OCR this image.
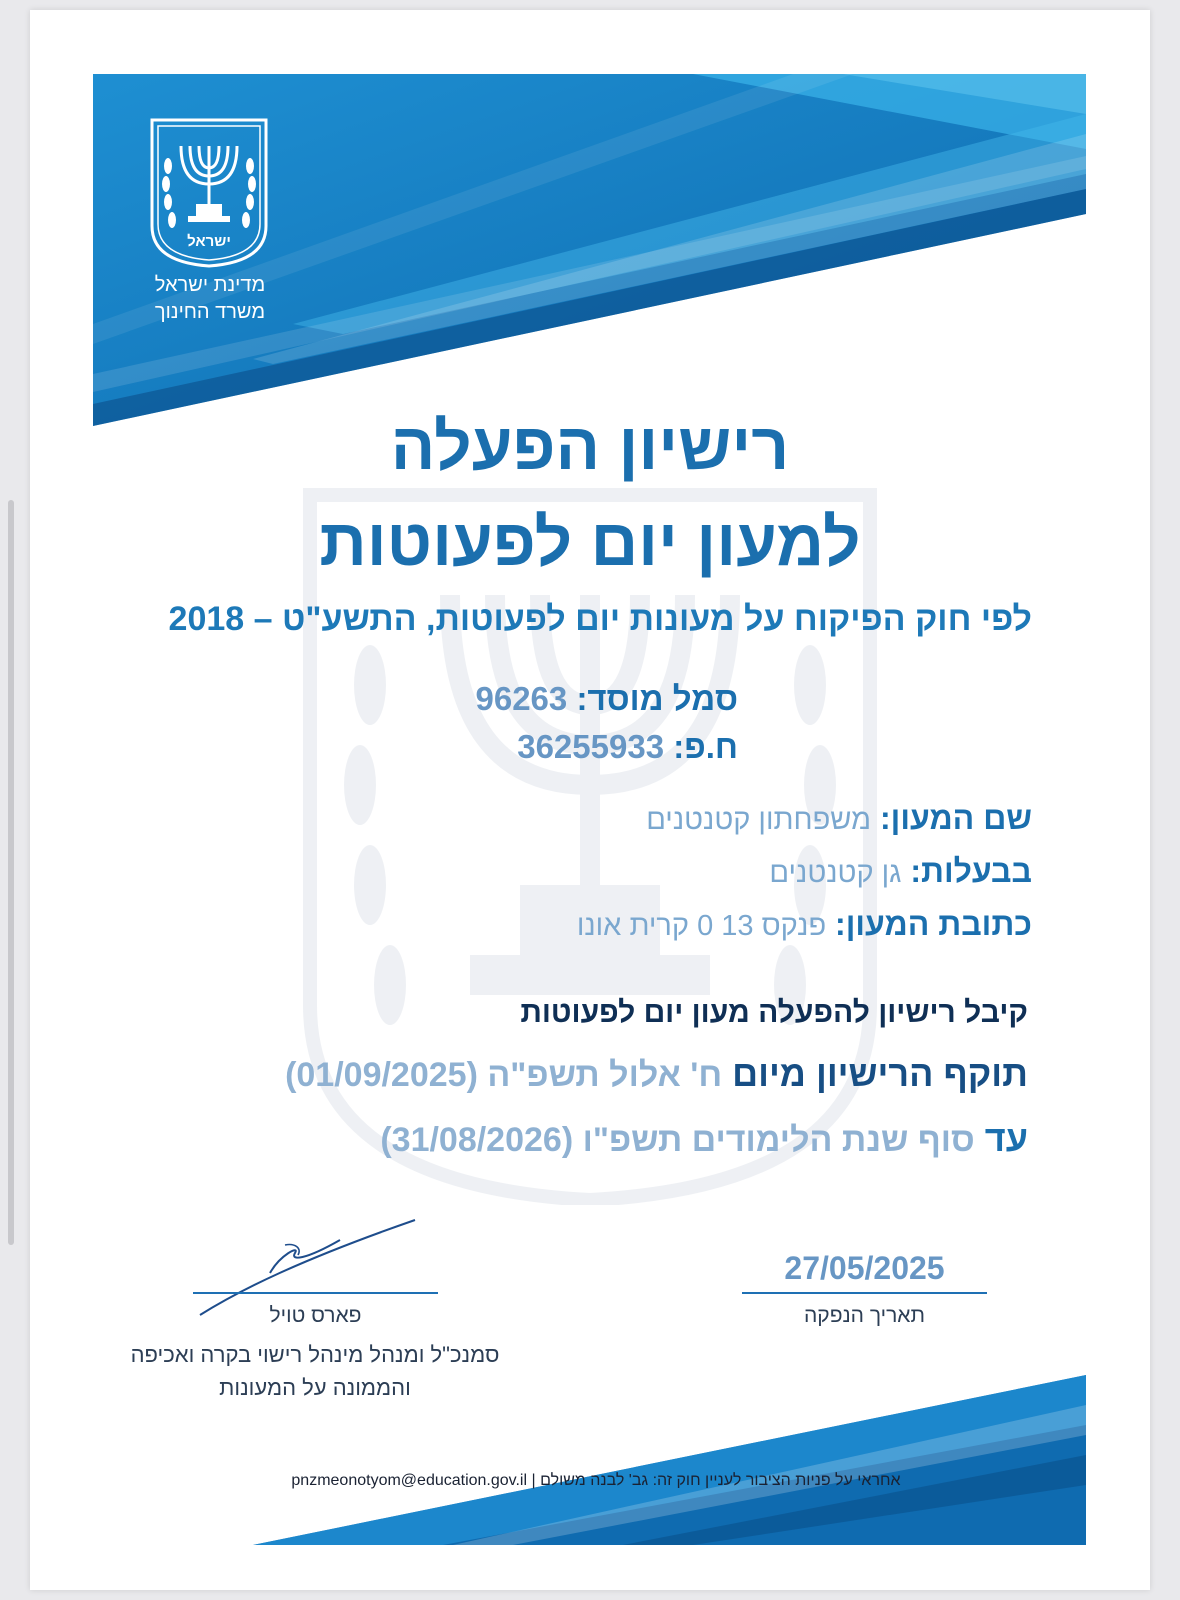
ישראל
מדינת ישראל
משרד החינוך
רישיון הפעלה
למעון יום לפעוטות
לפי חוק הפיקוח על מעונות יום לפעוטות, התשע"ט – 2018
סמל מוסד: 96263
ח.פ: 36255933
שם המעון: משפחתון קטנטנים
בבעלות: גן קטנטנים
כתובת המעון: פנקס 13 0 קרית אונו
קיבל רישיון להפעלה מעון יום לפעוטות
תוקף הרישיון מיום ח' אלול תשפ"ה (01/09/2025)
עד סוף שנת הלימודים תשפ"ו (31/08/2026)
27/05/2025
תאריך הנפקה
פארס טויל
סמנכ"ל ומנהל מינהל רישוי בקרה ואכיפה
והממונה על המעונות
אחראי על פניות הציבור לעניין חוק זה: גב' לבנה משולם | pnzmeonotyom@education.gov.il
